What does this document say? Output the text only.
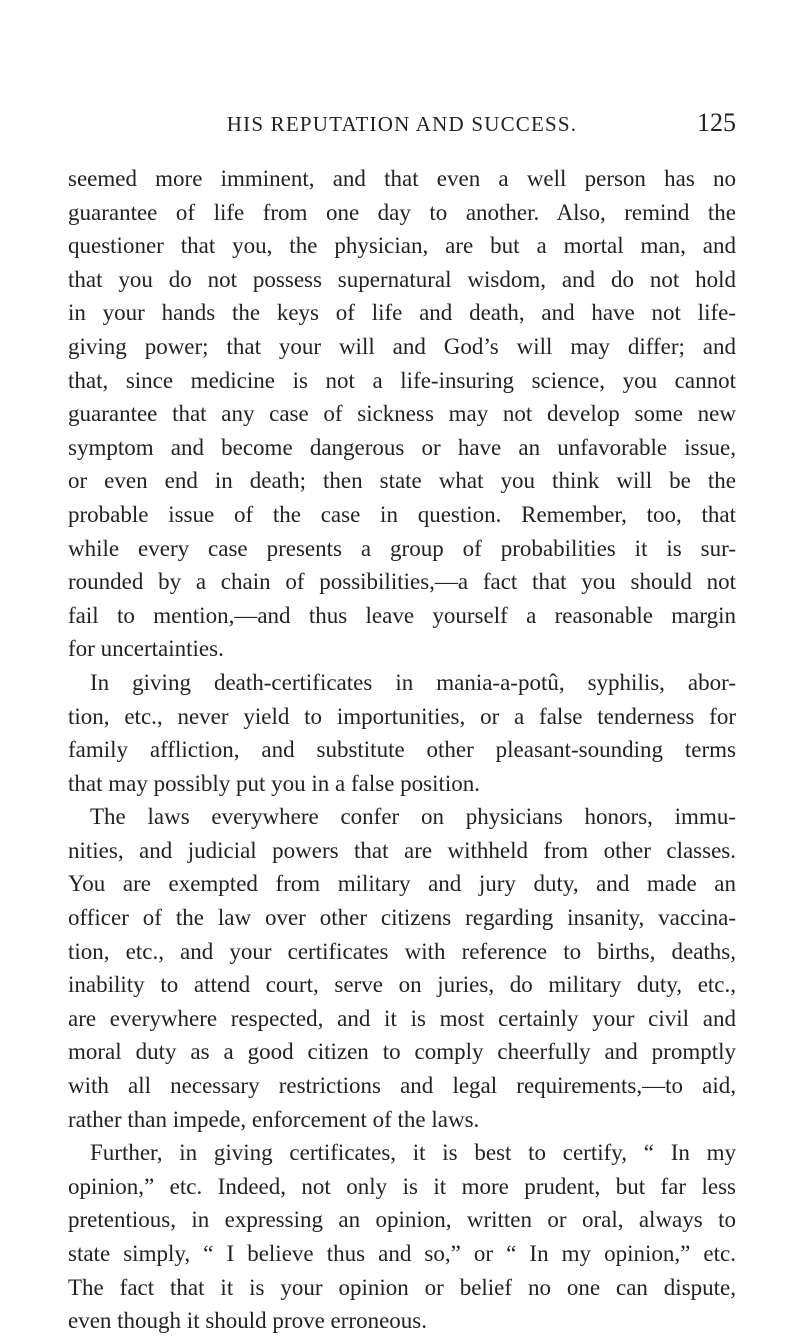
HIS REPUTATION AND SUCCESS.	125
seemed more imminent, and that even a well person has no
guarantee of life from one day to another. Also, remind the
questioner that you, the physician, are but a mortal man, and
that you do not possess supernatural wisdom, and do not hold
in your hands the keys of life and death, and have not life-
giving power; that your will and God’s will may differ; and
that, since medicine is not a life-insuring science, you cannot
guarantee that any case of sickness may not develop some new
symptom and become dangerous or have an unfavorable issue,
or even end in death; then state what you think will be the
probable issue of the case in question. Remember, too, that
while every case presents a group of probabilities it is sur-
rounded by a chain of possibilities,—a fact that you should not
fail to mention,—and thus leave yourself a reasonable margin
for uncertainties.
In giving death-certificates in mania-a-potû, syphilis, abor-
tion, etc., never yield to importunities, or a false tenderness for
family affliction, and substitute other pleasant-sounding terms
that may possibly put you in a false position.
The laws everywhere confer on physicians honors, immu-
nities, and judicial powers that are withheld from other classes.
You are exempted from military and jury duty, and made an
officer of the law over other citizens regarding insanity, vaccina-
tion, etc., and your certificates with reference to births, deaths,
inability to attend court, serve on juries, do military duty, etc.,
are everywhere respected, and it is most certainly your civil and
moral duty as a good citizen to comply cheerfully and promptly
with all necessary restrictions and legal requirements,—to aid,
rather than impede, enforcement of the laws.
Further, in giving certificates, it is best to certify, “ In my
opinion,” etc. Indeed, not only is it more prudent, but far less
pretentious, in expressing an opinion, written or oral, always to
state simply, “ I believe thus and so,” or “ In my opinion,” etc.
The fact that it is your opinion or belief no one can dispute,
even though it should prove erroneous.
